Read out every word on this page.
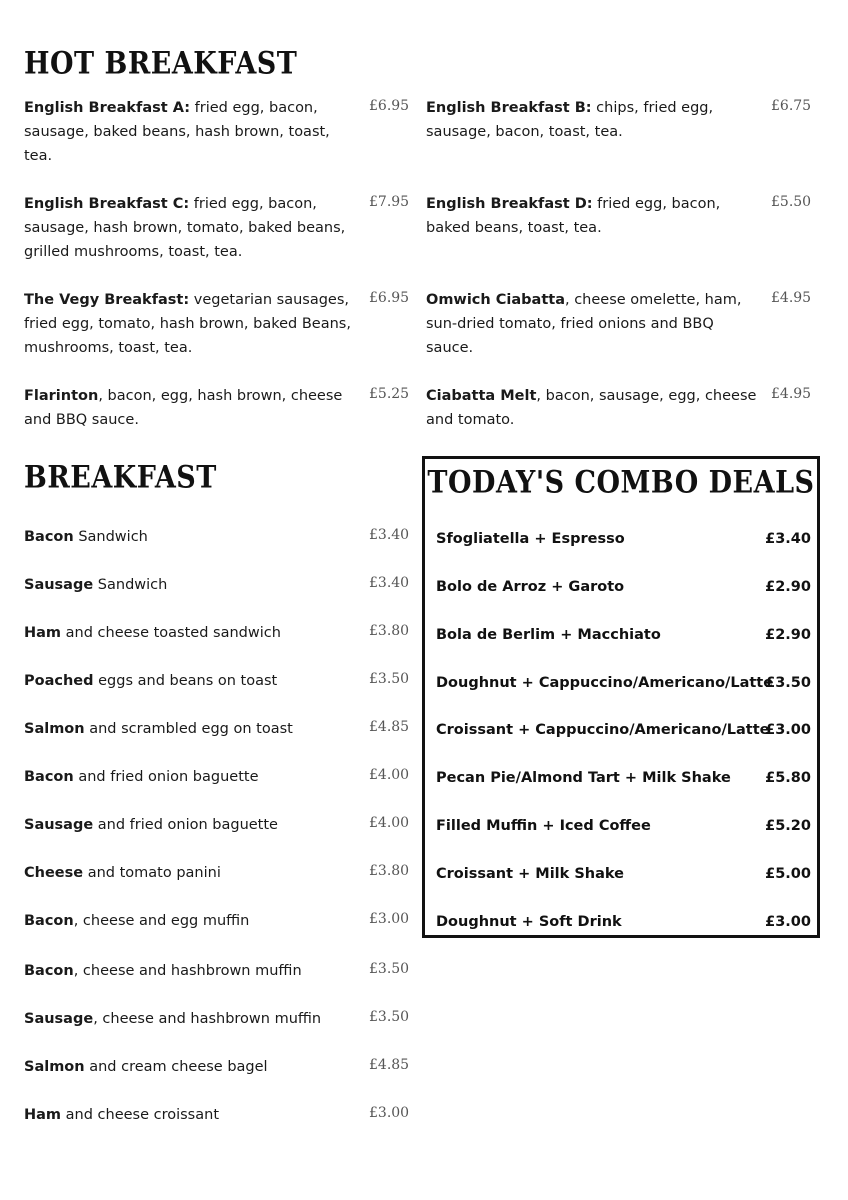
HOT BREAKFAST
English Breakfast A: fried egg, bacon, sausage, baked beans, hash brown, toast, tea.
£6.95
English Breakfast C: fried egg, bacon, sausage, hash brown, tomato, baked beans, grilled mushrooms, toast, tea.
£7.95
The Vegy Breakfast: vegetarian sausages, fried egg, tomato, hash brown, baked Beans, mushrooms, toast, tea.
£6.95
Flarinton, bacon, egg, hash brown, cheese and BBQ sauce.
£5.25
English Breakfast B: chips, fried egg, sausage, bacon, toast, tea.
£6.75
English Breakfast D: fried egg, bacon, baked beans, toast, tea.
£5.50
Omwich Ciabatta, cheese omelette, ham, sun-dried tomato, fried onions and BBQ sauce.
£4.95
Ciabatta Melt, bacon, sausage, egg, cheese and tomato.
£4.95
BREAKFAST
Bacon Sandwich	£3.40
Sausage Sandwich	£3.40
Ham and cheese toasted sandwich	£3.80
Poached eggs and beans on toast	£3.50
Salmon and scrambled egg on toast	£4.85
Bacon and fried onion baguette	£4.00
Sausage and fried onion baguette	£4.00
Cheese and tomato panini	£3.80
Bacon, cheese and egg muffin	£3.00
Bacon, cheese and hashbrown muffin	£3.50
Sausage, cheese and hashbrown muffin	£3.50
Salmon and cream cheese bagel	£4.85
Ham and cheese croissant	£3.00
TODAY'S COMBO DEALS
Sfogliatella + Espresso	£3.40
Bolo de Arroz + Garoto	£2.90
Bola de Berlim + Macchiato	£2.90
Doughnut + Cappuccino/Americano/Latte
£3.50
Croissant + Cappuccino/Americano/Latte
£3.00
Pecan Pie/Almond Tart + Milk Shake £5.80
Filled Muffin + Iced Coffee	£5.20
Croissant + Milk Shake	£5.00
Doughnut + Soft Drink	£3.00
